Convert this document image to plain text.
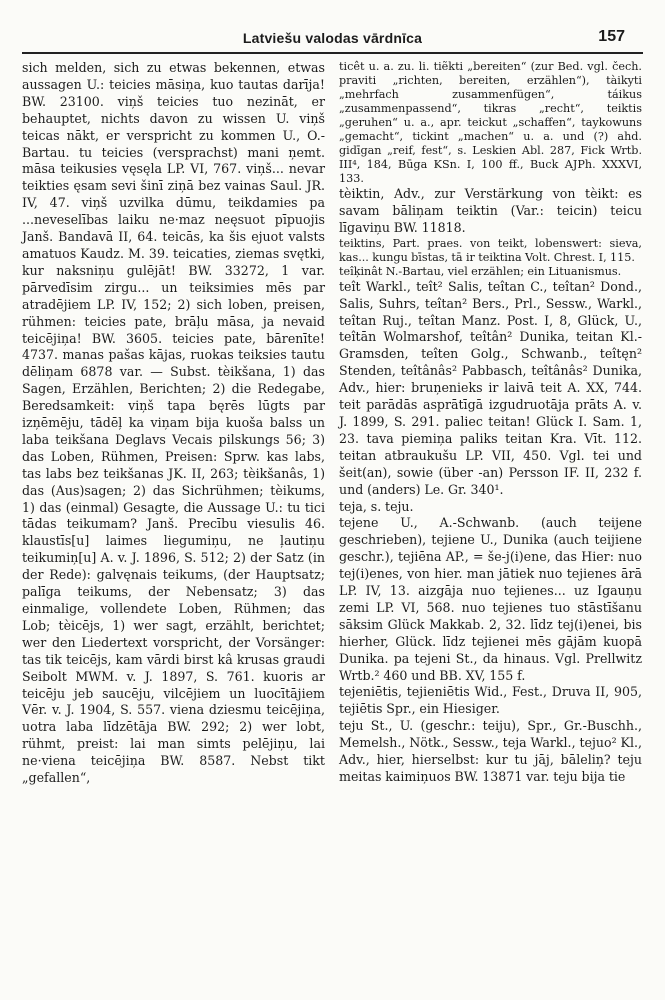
Latviešu valodas vārdnīca	157

sich melden, sich zu etwas bekennen, etwas aussagen U.: teicies māsiņa, kuo tautas darīja! BW. 23100. viņš teicies tuo nezināt, er behauptet, nichts davon zu wissen U. viņš teicas nākt, er verspricht zu kommen U., O.-Bartau. tu teicies (versprachst) mani ņemt. māsa teikusies vęsęla LP. VI, 767. viņš... nevar teikties ęsam sevi šinī ziņā bez vainas Saul. JR. IV, 47. viņš uzvilka dūmu, teikdamies pa ...neveselības laiku ne·maz neęsuot pīpuojis Janš. Bandavā II, 64. teicās, ka šis ejuot valsts amatuos Kaudz. M. 39. teicaties, ziemas svętki, kur naksniņu gulējāt! BW. 33272, 1 var. pārvedīsim zirgu... un teiksimies mēs par atradējiem LP. IV, 152; 2) sich loben, preisen, rühmen: teicies pate, brāļu māsa, ja nevaid teicējiņa! BW. 3605. teicies pate, bārenīte! 4737. manas pašas kājas, ruokas teiksies tautu dēliņam 6878 var. — Subst. tèikšana, 1) das Sagen, Erzählen, Berichten; 2) die Redegabe, Beredsamkeit: viņš tapa bęrēs lūgts par izņēmēju, tādēļ ka viņam bija kuoša balss un laba teikšana Deglavs Vecais pilskungs 56; 3) das Loben, Rühmen, Preisen: Sprw. kas labs, tas labs bez teikšanas JK. II, 263; tèikšanâs, 1) das (Aus)sagen; 2) das Sichrühmen; tèikums, 1) das (einmal) Gesagte, die Aussage U.: tu tici tādas teikumam? Janš. Precību viesulis 46. klaustīs[u] laimes liegumiņu, ne ļautiņu teikumiņ[u] A. v. J. 1896, S. 512; 2) der Satz (in der Rede): galvęnais teikums, (der Hauptsatz; palīga teikums, der Nebensatz; 3) das einmalige, vollendete Loben, Rühmen; das Lob; tèicējs, 1) wer sagt, erzählt, berichtet; wer den Liedertext vorspricht, der Vorsänger: tas tik teicējs, kam vārdi birst kâ krusas graudi Seibolt MWM. v. J. 1897, S. 761. kuoris ar teicēju jeb saucēju, vilcējiem un luocītājiem Vēr. v. J. 1904, S. 557. viena dziesmu teicējiņa, uotra laba līdzētāja BW. 292; 2) wer lobt, rühmt, preist: lai man simts pelējiņu, lai ne·viena teicējiņa BW. 8587. Nebst tikt „gefallen“,

ticêt u. a. zu. li. tiẽkti „bereiten“ (zur Bed. vgl. čech. praviti „richten, bereiten, erzählen“), tàikyti „mehrfach zusammenfügen“, táikus „zusammenpassend“, tikras „recht“, teiktis „geruhen“ u. a., apr. teickut „schaffen“, taykowuns „gemacht“, tickint „machen“ u. a. und (?) ahd. gidīgan „reif, fest“, s. Leskien Abl. 287, Fick Wrtb. III⁴, 184, Būga KSn. I, 100 ff., Buck AJPh. XXXVI, 133.

tèiktin, Adv., zur Verstärkung von tèikt: es savam bāliņam teiktin (Var.: teicin) teicu līgaviņu BW. 11818.

teiktins, Part. praes. von teikt, lobenswert: sieva, kas... kungu bīstas, tā ir teiktina Volt. Chrest. I, 115.

teîķinât N.-Bartau, viel erzählen; ein Lituanismus.

teît Warkl., teît² Salis, teîtan C., teîtan² Dond., Salis, Suhrs, teîtan² Bers., Prl., Sessw., Warkl., teîtan Ruj., teîtan Manz. Post. I, 8, Glück, U., teîtān Wolmarshof, teîtân² Dunika, teitan Kl.-Gramsden, teîten Golg., Schwanb., teîtęn² Stenden, teîtânâs² Pabbasch, teîtânâs² Dunika, Adv., hier: bruņenieks ir laivā teit A. XX, 744. teit parādās asprātīgā izgudruotāja prāts A. v. J. 1899, S. 291. paliec teitan! Glück I. Sam. 1, 23. tava piemiņa paliks teitan Kra. Vīt. 112. teitan atbraukušu LP. VII, 450. Vgl. tei und šeit(an), sowie (über -an) Persson IF. II, 232 f. und (anders) Le. Gr. 340¹.

teja, s. teju.

tejene U., A.-Schwanb. (auch teijene geschrieben), tejiene U., Dunika (auch teijiene geschr.), tejiēna AP., = še-j(i)ene, das Hier: nuo tej(i)enes, von hier. man jātiek nuo tejienes ārā LP. IV, 13. aizgāja nuo tejienes... uz Igauņu zemi LP. VI, 568. nuo tejienes tuo stāstīšanu sāksim Glück Makkab. 2, 32. līdz tej(i)enei, bis hierher, Glück. līdz tejienei mēs gājām kuopā Dunika. pa tejeni St., da hinaus. Vgl. Prellwitz Wrtb.² 460 und BB. XV, 155 f.

tejeniētis, tejieniētis Wid., Fest., Druva II, 905, tejiētis Spr., ein Hiesiger.

teju St., U. (geschr.: teiju), Spr., Gr.-Buschh., Memelsh., Nötk., Sessw., teja Warkl., tejuo² Kl., Adv., hier, hierselbst: kur tu jāj, bāleliņ? teju meitas kaimiņuos BW. 13871 var. teju bija tie
